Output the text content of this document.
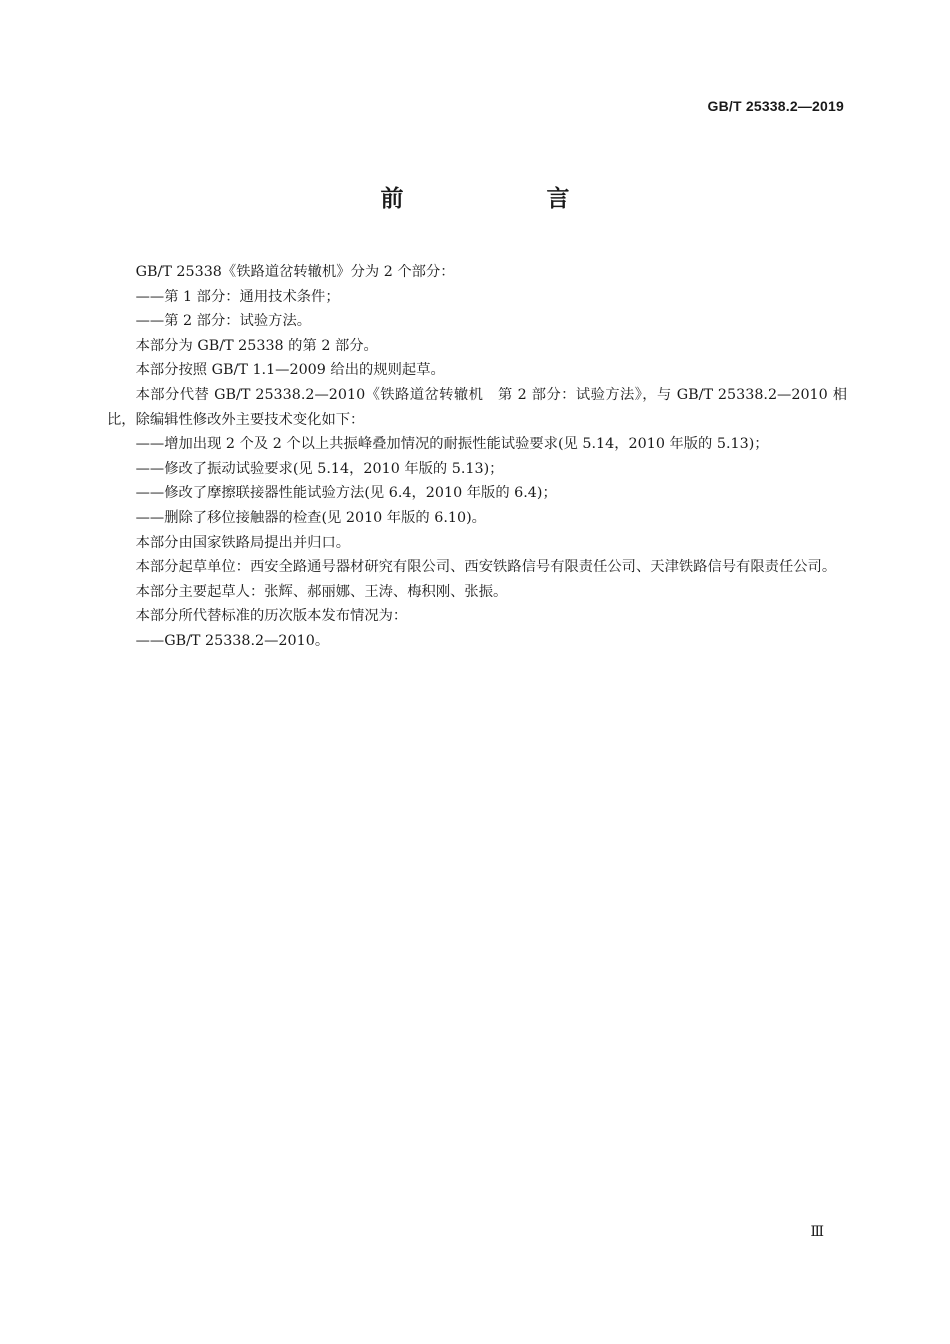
GB/T 25338.2—2019
前　言

GB/T 25338《铁路道岔转辙机》分为 2 个部分：

——第 1 部分：通用技术条件；

——第 2 部分：试验方法。

本部分为 GB/T 25338 的第 2 部分。

本部分按照 GB/T 1.1—2009 给出的规则起草。

本部分代替 GB/T 25338.2—2010《铁路道岔转辙机　第 2 部分：试验方法》，与 GB/T 25338.2—2010 相比，除编辑性修改外主要技术变化如下：

——增加出现 2 个及 2 个以上共振峰叠加情况的耐振性能试验要求(见 5.14，2010 年版的 5.13)；

——修改了振动试验要求(见 5.14，2010 年版的 5.13)；

——修改了摩擦联接器性能试验方法(见 6.4，2010 年版的 6.4)；

——删除了移位接触器的检查(见 2010 年版的 6.10)。

本部分由国家铁路局提出并归口。

本部分起草单位：西安全路通号器材研究有限公司、西安铁路信号有限责任公司、天津铁路信号有限责任公司。

本部分主要起草人：张辉、郝丽娜、王涛、梅积刚、张振。

本部分所代替标准的历次版本发布情况为：

——GB/T 25338.2—2010。

Ⅲ
